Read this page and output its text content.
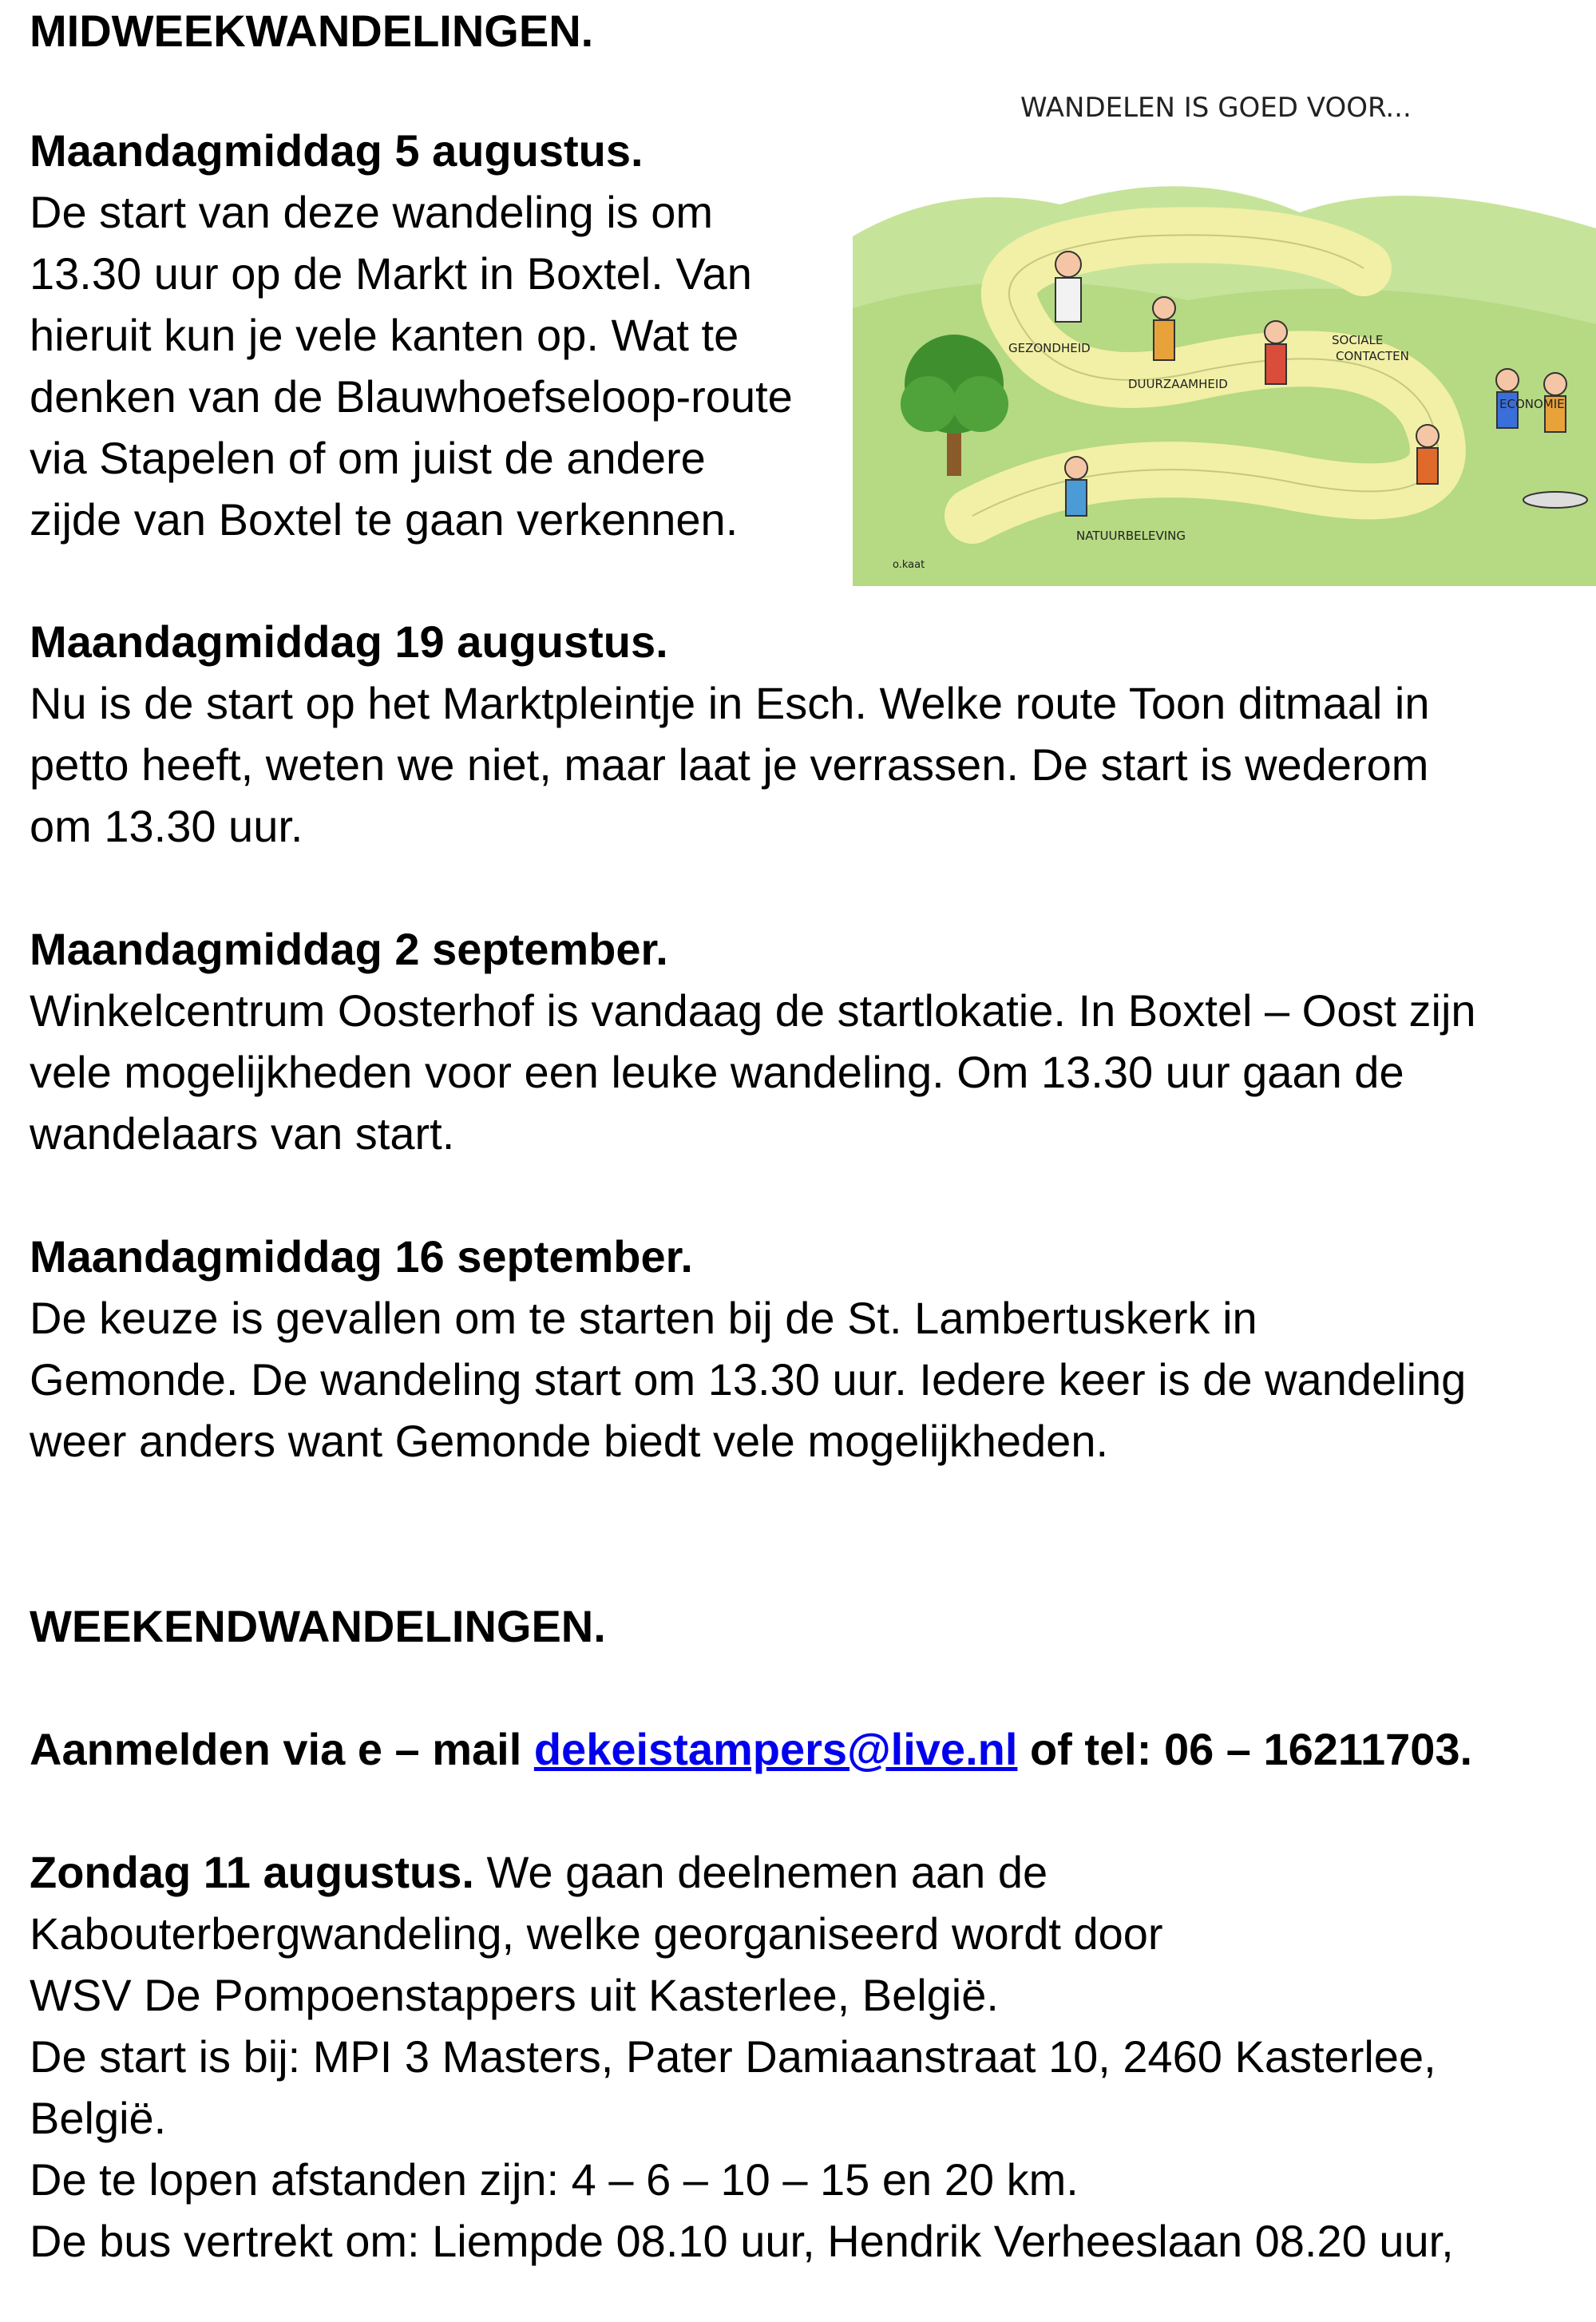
MIDWEEKWANDELINGEN.
Maandagmiddag 5 augustus.
De start van deze wandeling is om
13.30 uur op de Markt in Boxtel. Van
hieruit kun je vele kanten op. Wat te
denken van de Blauwhoefseloop-route
via Stapelen of om juist de andere
zijde van Boxtel te gaan verkennen.
Maandagmiddag 19 augustus.
Nu is de start op het Marktpleintje in Esch. Welke route Toon ditmaal in
petto heeft, weten we niet, maar laat je verrassen. De start is wederom
om 13.30 uur.
Maandagmiddag 2 september.
Winkelcentrum Oosterhof is vandaag de startlokatie. In Boxtel – Oost zijn
vele mogelijkheden voor een leuke wandeling. Om 13.30 uur gaan de
wandelaars van start.
Maandagmiddag 16 september.
De keuze is gevallen om te starten bij de St. Lambertuskerk in
Gemonde. De wandeling start om 13.30 uur. Iedere keer is de wandeling
weer anders want Gemonde biedt vele mogelijkheden.
WEEKENDWANDELINGEN.
Aanmelden via e – mail dekeistampers@live.nl of tel: 06 – 16211703.
Zondag 11 augustus. We gaan deelnemen aan de
Kabouterbergwandeling, welke georganiseerd wordt door
WSV De Pompoenstappers uit Kasterlee, België.
De start is bij: MPI 3 Masters, Pater Damiaanstraat 10, 2460 Kasterlee,
België.
De te lopen afstanden zijn: 4 – 6 – 10 – 15 en 20 km.
De bus vertrekt om: Liempde 08.10 uur, Hendrik Verheeslaan 08.20 uur,
WANDELEN IS GOED VOOR...
GEZONDHEID
DUURZAAMHEID
SOCIALE
CONTACTEN
ECONOMIE
NATUURBELEVING
o.kaat
